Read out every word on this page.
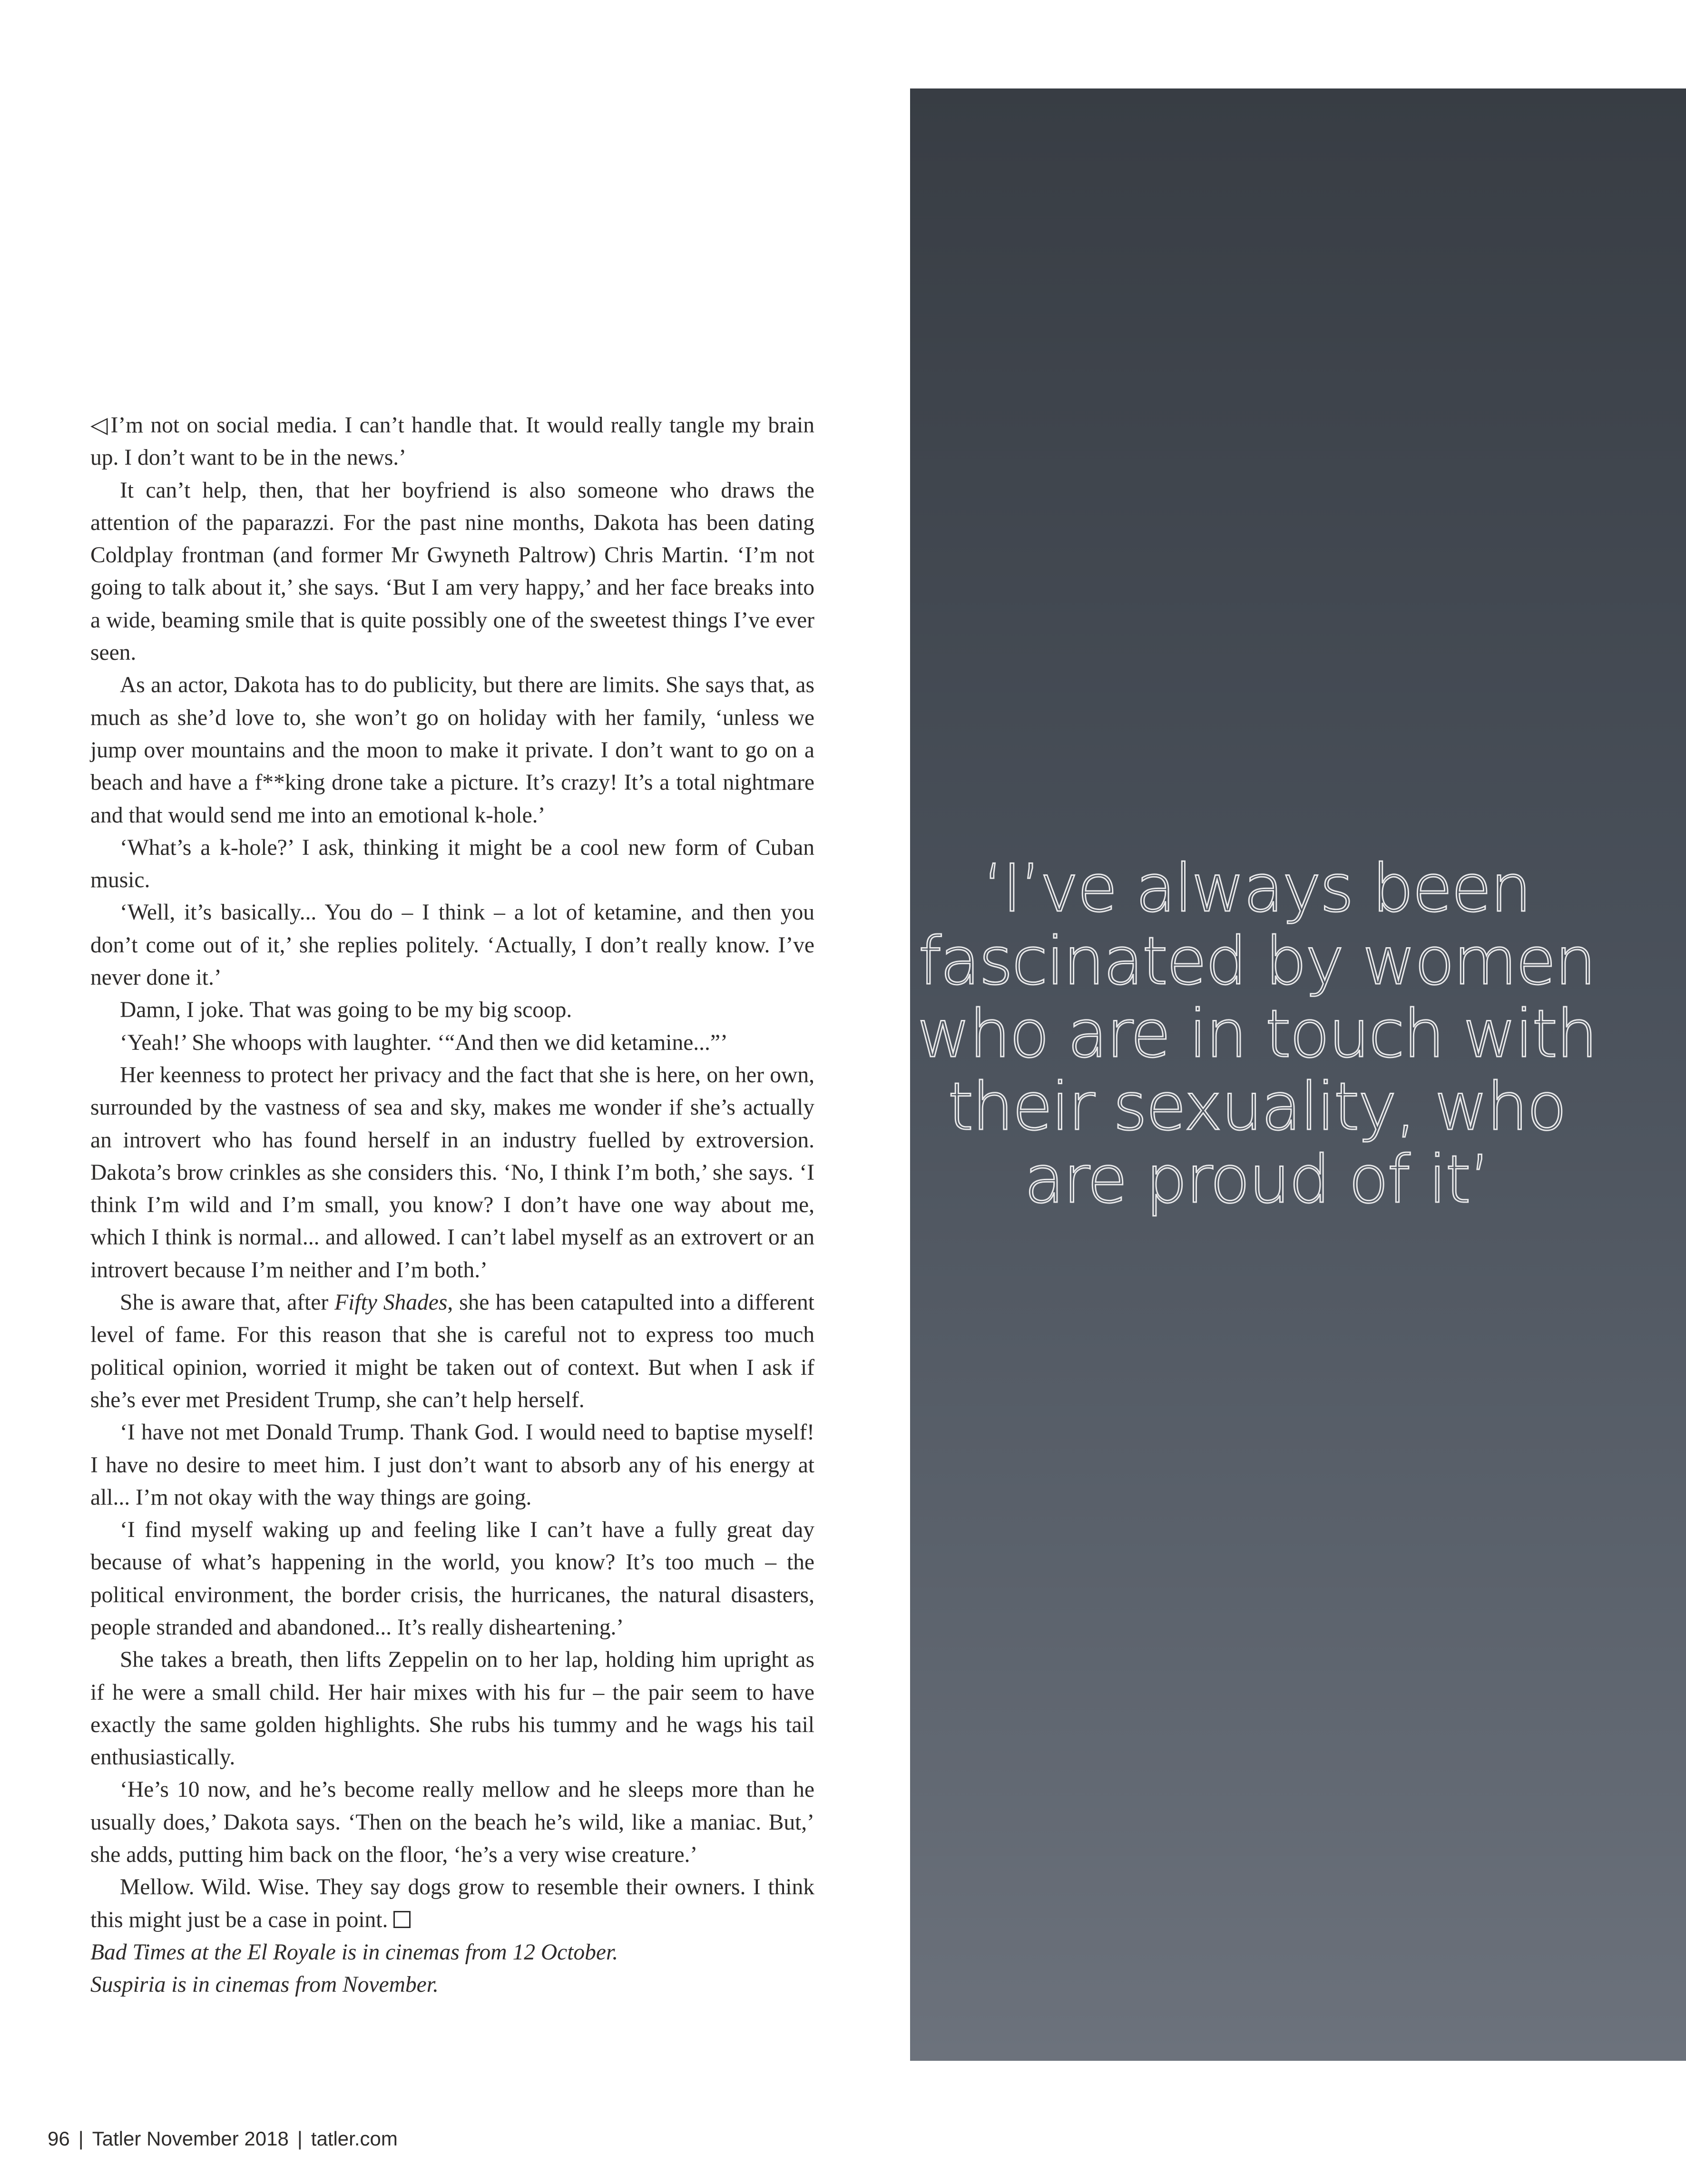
◁ I’m not on social media. I can’t handle that. It would really tangle my brain up. I don’t want to be in the news.’

It can’t help, then, that her boyfriend is also someone who draws the attention of the paparazzi. For the past nine months, Dakota has been dating Coldplay frontman (and former Mr Gwyneth Paltrow) Chris Martin. ‘I’m not going to talk about it,’ she says. ‘But I am very happy,’ and her face breaks into a wide, beaming smile that is quite possibly one of the sweetest things I’ve ever seen.

As an actor, Dakota has to do publicity, but there are limits. She says that, as much as she’d love to, she won’t go on holiday with her family, ‘unless we jump over mountains and the moon to make it private. I don’t want to go on a beach and have a f**king drone take a picture. It’s crazy! It’s a total nightmare and that would send me into an emotional k-hole.’

‘What’s a k-hole?’ I ask, thinking it might be a cool new form of Cuban music.

‘Well, it’s basically... You do – I think – a lot of ketamine, and then you don’t come out of it,’ she replies politely. ‘Actually, I don’t really know. I’ve never done it.’

Damn, I joke. That was going to be my big scoop.

‘Yeah!’ She whoops with laughter. ‘“And then we did ketamine...”’

Her keenness to protect her privacy and the fact that she is here, on her own, surrounded by the vastness of sea and sky, makes me wonder if she’s actually an introvert who has found herself in an industry fuelled by extroversion. Dakota’s brow crinkles as she considers this. ‘No, I think I’m both,’ she says. ‘I think I’m wild and I’m small, you know? I don’t have one way about me, which I think is normal... and allowed. I can’t label myself as an extrovert or an introvert because I’m neither and I’m both.’

She is aware that, after Fifty Shades, she has been catapulted into a different level of fame. For this reason that she is careful not to express too much political opinion, worried it might be taken out of context. But when I ask if she’s ever met President Trump, she can’t help herself.

‘I have not met Donald Trump. Thank God. I would need to baptise myself! I have no desire to meet him. I just don’t want to absorb any of his energy at all... I’m not okay with the way things are going.

‘I find myself waking up and feeling like I can’t have a fully great day because of what’s happening in the world, you know? It’s too much – the political environment, the border crisis, the hurricanes, the natural disasters, people stranded and abandoned... It’s really disheartening.’

She takes a breath, then lifts Zeppelin on to her lap, holding him upright as if he were a small child. Her hair mixes with his fur – the pair seem to have exactly the same golden highlights. She rubs his tummy and he wags his tail enthusiastically.

‘He’s 10 now, and he’s become really mellow and he sleeps more than he usually does,’ Dakota says. ‘Then on the beach he’s wild, like a maniac. But,’ she adds, putting him back on the floor, ‘he’s a very wise creature.’

Mellow. Wild. Wise. They say dogs grow to resemble their owners. I think this might just be a case in point.

Bad Times at the El Royale is in cinemas from 12 October.

Suspiria is in cinemas from November.

‘I’ve always been fascinated by women who are in touch with their sexuality, who are proud of it’
96 | Tatler November 2018 | tatler.com
